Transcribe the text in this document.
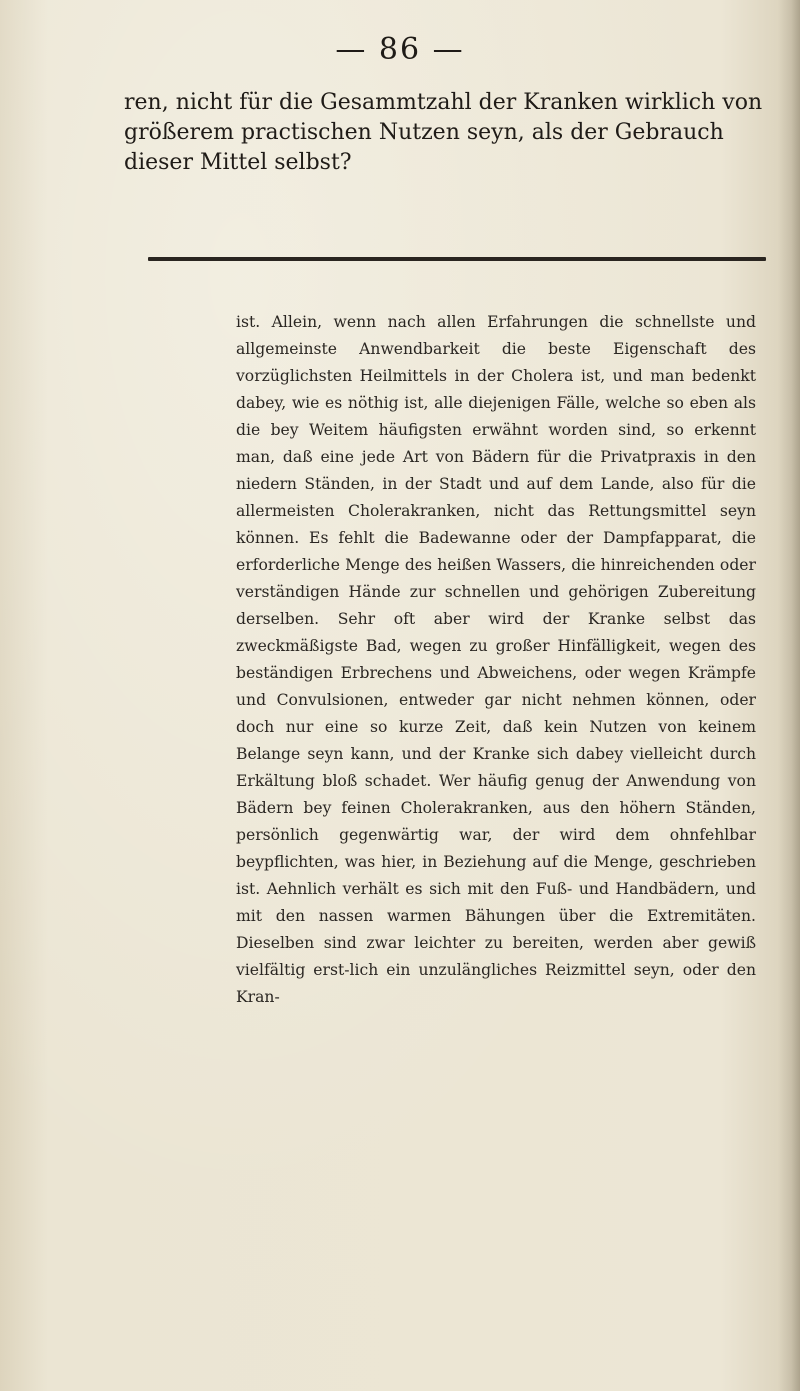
— 86 —

ren, nicht für die Gesammtzahl der Kranken wirklich von größerem practischen Nutzen seyn, als der Gebrauch dieser Mittel selbst?

ist. Allein, wenn nach allen Erfahrungen die schnellste und allgemeinste Anwendbarkeit die beste Eigenschaft des vorzüglichsten Heilmittels in der Cholera ist, und man bedenkt dabey, wie es nöthig ist, alle diejenigen Fälle, welche so eben als die bey Weitem häufigsten erwähnt worden sind, so erkennt man, daß eine jede Art von Bädern für die Privatpraxis in den niedern Ständen, in der Stadt und auf dem Lande, also für die allermeisten Cholerakranken, nicht das Rettungsmittel seyn können. Es fehlt die Badewanne oder der Dampfapparat, die erforderliche Menge des heißen Wassers, die hinreichenden oder verständigen Hände zur schnellen und gehörigen Zubereitung derselben. Sehr oft aber wird der Kranke selbst das zweckmäßigste Bad, wegen zu großer Hinfälligkeit, wegen des beständigen Erbrechens und Abweichens, oder wegen Krämpfe und Convulsionen, entweder gar nicht nehmen können, oder doch nur eine so kurze Zeit, daß kein Nutzen von keinem Belange seyn kann, und der Kranke sich dabey vielleicht durch Erkältung bloß schadet. Wer häufig genug der Anwendung von Bädern bey feinen Cholerakranken, aus den höhern Ständen, persönlich gegenwärtig war, der wird dem ohnfehlbar beypflichten, was hier, in Beziehung auf die Menge, geschrieben ist. Aehnlich verhält es sich mit den Fuß- und Handbädern, und mit den nassen warmen Bähungen über die Extremitäten. Dieselben sind zwar leichter zu bereiten, werden aber gewiß vielfältig erst-lich ein unzulängliches Reizmittel seyn, oder den Kran-
